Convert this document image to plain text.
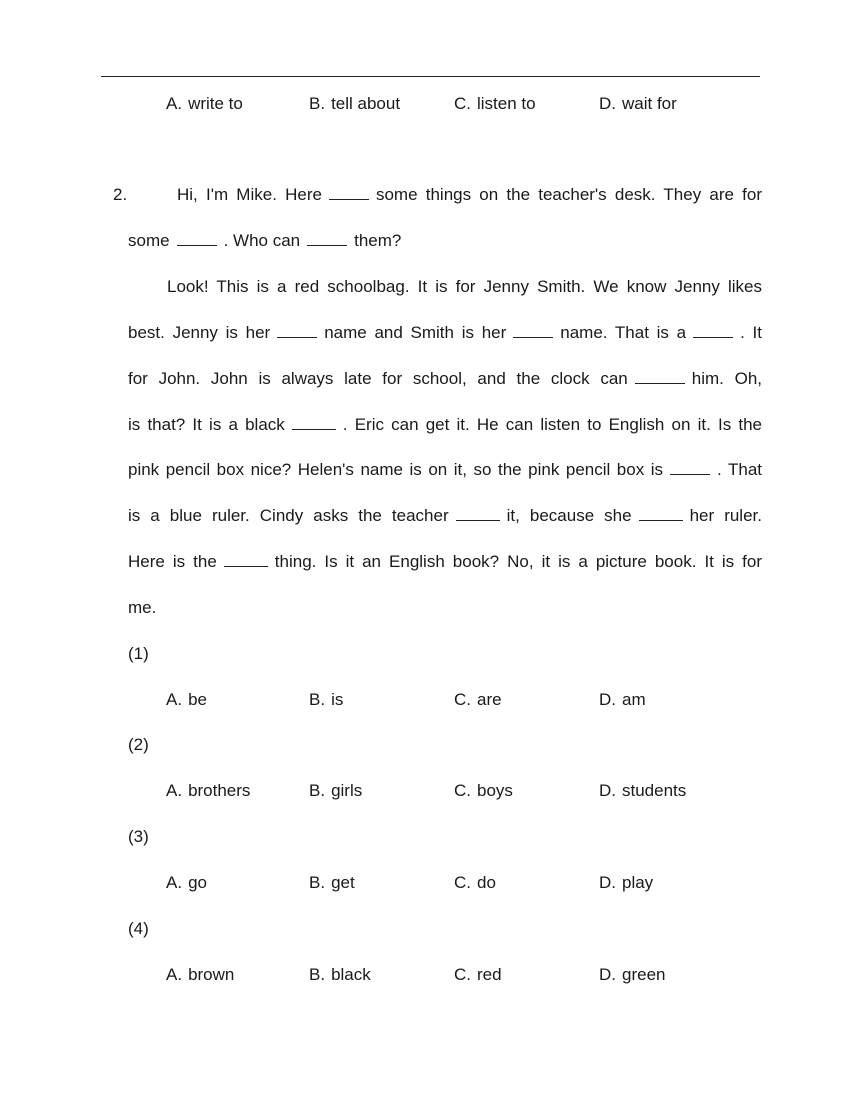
A. write to	B. tell about	C. listen to	D. wait for
2.	Hi, I'm Mike. Here	some things on the teacher's desk. They are for
some	. Who can	them?
Look! This is a red schoolbag. It is for Jenny Smith. We know Jenny likes
best. Jenny is her	name and Smith is her	name. That is a	. It
for John. John is always late for school, and the clock can	him. Oh,
is that? It is a black	. Eric can get it. He can listen to English on it. Is the
pink pencil box nice? Helen's name is on it, so the pink pencil box is	. That
is a blue ruler. Cindy asks the teacher	it, because she	her ruler.
Here is the	thing. Is it an English book? No, it is a picture book. It is for
me.
(1)
A. be	B. is	C. are	D. am
(2)
A. brothers	B. girls	C. boys	D. students
(3)
A. go	B. get	C. do	D. play
(4)
A. brown	B. black	C. red	D. green
